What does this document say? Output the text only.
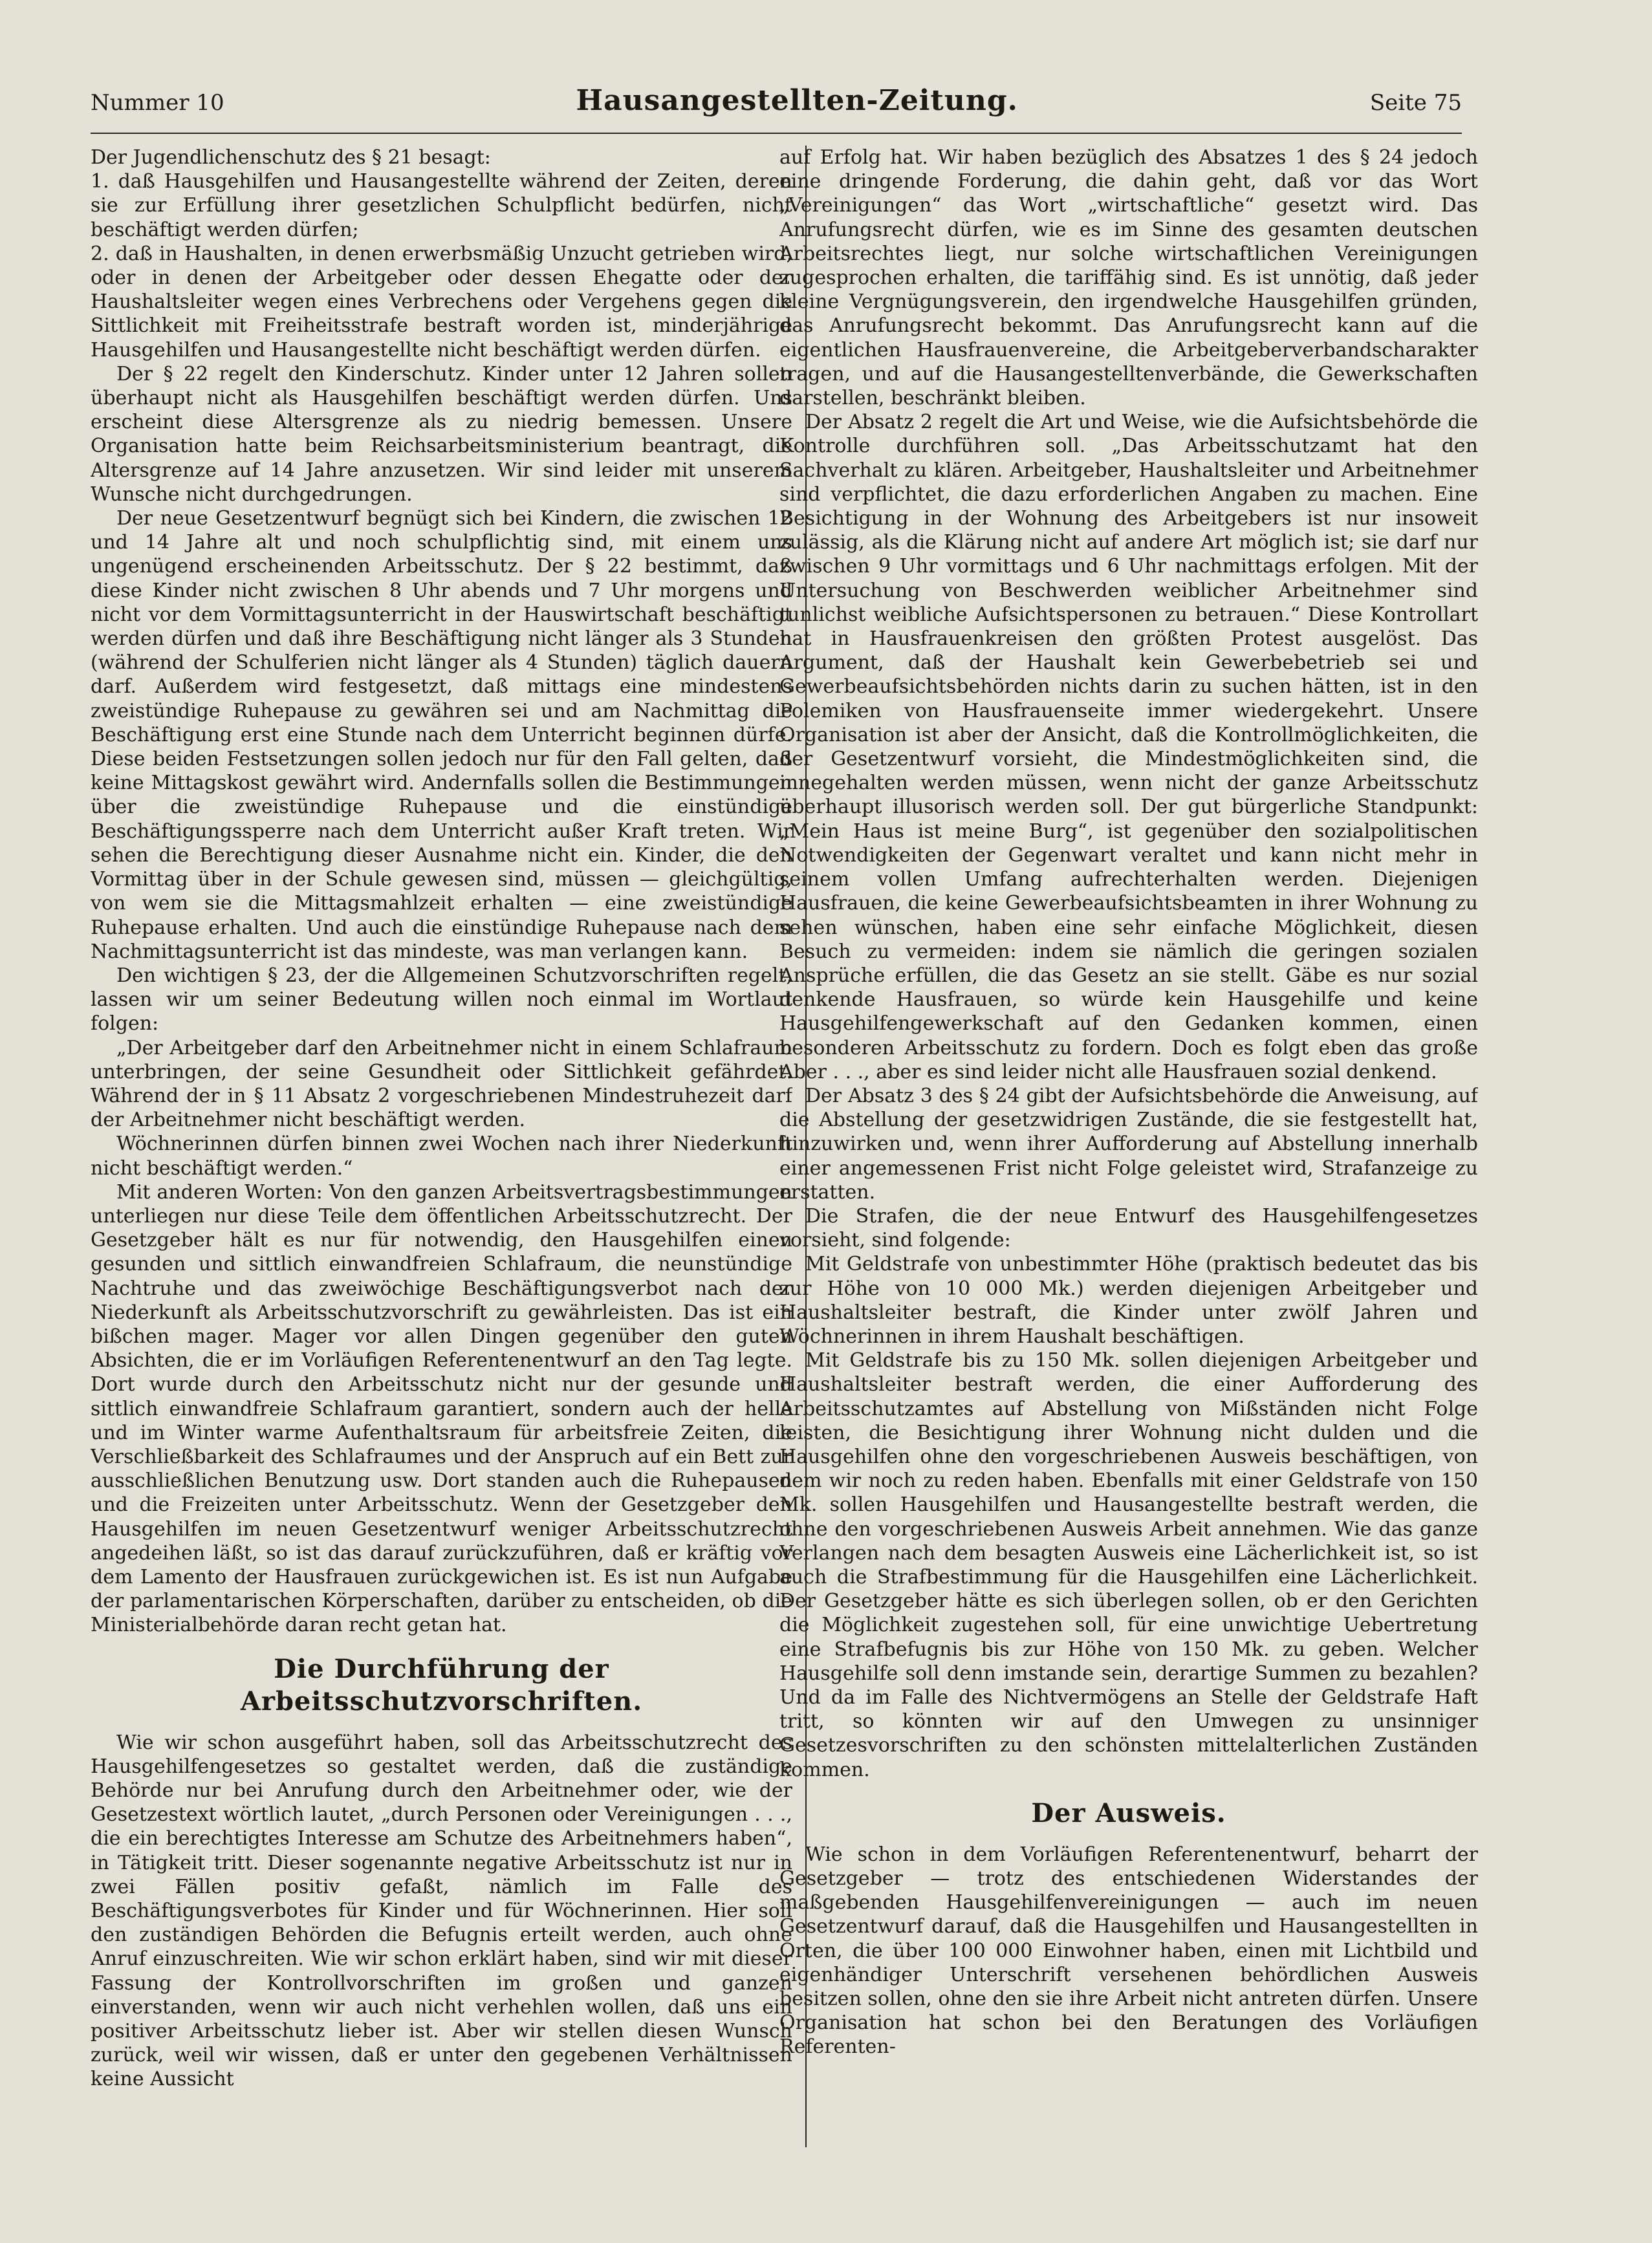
Nummer 10	Hausangestellten-Zeitung.	Seite 75

Der Jugendlichenschutz des § 21 besagt:

1. daß Hausgehilfen und Hausangestellte während der Zeiten, deren sie zur Erfüllung ihrer gesetzlichen Schulpflicht bedürfen, nicht beschäftigt werden dürfen;

2. daß in Haushalten, in denen erwerbsmäßig Unzucht getrieben wird, oder in denen der Arbeitgeber oder dessen Ehegatte oder der Haushaltsleiter wegen eines Verbrechens oder Vergehens gegen die Sittlichkeit mit Freiheitsstrafe bestraft worden ist, minderjährige Hausgehilfen und Hausangestellte nicht beschäftigt werden dürfen.

Der § 22 regelt den Kinderschutz. Kinder unter 12 Jahren sollen überhaupt nicht als Hausgehilfen beschäftigt werden dürfen. Uns erscheint diese Altersgrenze als zu niedrig bemessen. Unsere Organisation hatte beim Reichsarbeitsministerium beantragt, die Altersgrenze auf 14 Jahre anzusetzen. Wir sind leider mit unserem Wunsche nicht durchgedrungen.

Der neue Gesetzentwurf begnügt sich bei Kindern, die zwischen 12 und 14 Jahre alt und noch schulpflichtig sind, mit einem uns ungenügend erscheinenden Arbeitsschutz. Der § 22 bestimmt, daß diese Kinder nicht zwischen 8 Uhr abends und 7 Uhr morgens und nicht vor dem Vormittagsunterricht in der Hauswirtschaft beschäftigt werden dürfen und daß ihre Beschäftigung nicht länger als 3 Stunden (während der Schulferien nicht länger als 4 Stunden) täglich dauern darf. Außerdem wird festgesetzt, daß mittags eine mindestens zweistündige Ruhepause zu gewähren sei und am Nachmittag die Beschäftigung erst eine Stunde nach dem Unterricht beginnen dürfe. Diese beiden Festsetzungen sollen jedoch nur für den Fall gelten, daß keine Mittagskost gewährt wird. Andernfalls sollen die Bestimmungen über die zweistündige Ruhepause und die einstündige Beschäftigungssperre nach dem Unterricht außer Kraft treten. Wir sehen die Berechtigung dieser Ausnahme nicht ein. Kinder, die den Vormittag über in der Schule gewesen sind, müssen — gleichgültig, von wem sie die Mittagsmahlzeit erhalten — eine zweistündige Ruhepause erhalten. Und auch die einstündige Ruhepause nach dem Nachmittagsunterricht ist das mindeste, was man verlangen kann.

Den wichtigen § 23, der die Allgemeinen Schutzvorschriften regelt, lassen wir um seiner Bedeutung willen noch einmal im Wortlaut folgen:

„Der Arbeitgeber darf den Arbeitnehmer nicht in einem Schlafraum unterbringen, der seine Gesundheit oder Sittlichkeit gefährdet. Während der in § 11 Absatz 2 vorgeschriebenen Mindestruhezeit darf der Arbeitnehmer nicht beschäftigt werden.

Wöchnerinnen dürfen binnen zwei Wochen nach ihrer Niederkunft nicht beschäftigt werden.“

Mit anderen Worten: Von den ganzen Arbeitsvertragsbestimmungen unterliegen nur diese Teile dem öffentlichen Arbeitsschutzrecht. Der Gesetzgeber hält es nur für notwendig, den Hausgehilfen einen gesunden und sittlich einwandfreien Schlafraum, die neunstündige Nachtruhe und das zweiwöchige Beschäftigungsverbot nach der Niederkunft als Arbeitsschutzvorschrift zu gewährleisten. Das ist ein bißchen mager. Mager vor allen Dingen gegenüber den guten Absichten, die er im Vorläufigen Referentenentwurf an den Tag legte. Dort wurde durch den Arbeitsschutz nicht nur der gesunde und sittlich einwandfreie Schlafraum garantiert, sondern auch der helle und im Winter warme Aufenthaltsraum für arbeitsfreie Zeiten, die Verschließbarkeit des Schlafraumes und der Anspruch auf ein Bett zur ausschließlichen Benutzung usw. Dort standen auch die Ruhepausen und die Freizeiten unter Arbeitsschutz. Wenn der Gesetzgeber den Hausgehilfen im neuen Gesetzentwurf weniger Arbeitsschutzrecht angedeihen läßt, so ist das darauf zurückzuführen, daß er kräftig vor dem Lamento der Hausfrauen zurückgewichen ist. Es ist nun Aufgabe der parlamentarischen Körperschaften, darüber zu entscheiden, ob die Ministerialbehörde daran recht getan hat.

Die Durchführung der Arbeitsschutzvorschriften.

Wie wir schon ausgeführt haben, soll das Arbeitsschutzrecht des Hausgehilfengesetzes so gestaltet werden, daß die zuständige Behörde nur bei Anrufung durch den Arbeitnehmer oder, wie der Gesetzestext wörtlich lautet, „durch Personen oder Vereinigungen . . ., die ein berechtigtes Interesse am Schutze des Arbeitnehmers haben“, in Tätigkeit tritt. Dieser sogenannte negative Arbeitsschutz ist nur in zwei Fällen positiv gefaßt, nämlich im Falle des Beschäftigungsverbotes für Kinder und für Wöchnerinnen. Hier soll den zuständigen Behörden die Befugnis erteilt werden, auch ohne Anruf einzuschreiten. Wie wir schon erklärt haben, sind wir mit dieser Fassung der Kontrollvorschriften im großen und ganzen einverstanden, wenn wir auch nicht verhehlen wollen, daß uns ein positiver Arbeitsschutz lieber ist. Aber wir stellen diesen Wunsch zurück, weil wir wissen, daß er unter den gegebenen Verhältnissen keine Aussicht

auf Erfolg hat. Wir haben bezüglich des Absatzes 1 des § 24 jedoch eine dringende Forderung, die dahin geht, daß vor das Wort „Vereinigungen“ das Wort „wirtschaftliche“ gesetzt wird. Das Anrufungsrecht dürfen, wie es im Sinne des gesamten deutschen Arbeitsrechtes liegt, nur solche wirtschaftlichen Vereinigungen zugesprochen erhalten, die tariffähig sind. Es ist unnötig, daß jeder kleine Vergnügungsverein, den irgendwelche Hausgehilfen gründen, das Anrufungsrecht bekommt. Das Anrufungsrecht kann auf die eigentlichen Hausfrauenvereine, die Arbeitgeberverbandscharakter tragen, und auf die Hausangestelltenverbände, die Gewerkschaften darstellen, beschränkt bleiben.

Der Absatz 2 regelt die Art und Weise, wie die Aufsichtsbehörde die Kontrolle durchführen soll. „Das Arbeitsschutzamt hat den Sachverhalt zu klären. Arbeitgeber, Haushaltsleiter und Arbeitnehmer sind verpflichtet, die dazu erforderlichen Angaben zu machen. Eine Besichtigung in der Wohnung des Arbeitgebers ist nur insoweit zulässig, als die Klärung nicht auf andere Art möglich ist; sie darf nur zwischen 9 Uhr vormittags und 6 Uhr nachmittags erfolgen. Mit der Untersuchung von Beschwerden weiblicher Arbeitnehmer sind tunlichst weibliche Aufsichtspersonen zu betrauen.“ Diese Kontrollart hat in Hausfrauenkreisen den größten Protest ausgelöst. Das Argument, daß der Haushalt kein Gewerbebetrieb sei und Gewerbeaufsichtsbehörden nichts darin zu suchen hätten, ist in den Polemiken von Hausfrauenseite immer wiedergekehrt. Unsere Organisation ist aber der Ansicht, daß die Kontrollmöglichkeiten, die der Gesetzentwurf vorsieht, die Mindestmöglichkeiten sind, die innegehalten werden müssen, wenn nicht der ganze Arbeitsschutz überhaupt illusorisch werden soll. Der gut bürgerliche Standpunkt: „Mein Haus ist meine Burg“, ist gegenüber den sozialpolitischen Notwendigkeiten der Gegenwart veraltet und kann nicht mehr in seinem vollen Umfang aufrechterhalten werden. Diejenigen Hausfrauen, die keine Gewerbeaufsichtsbeamten in ihrer Wohnung zu sehen wünschen, haben eine sehr einfache Möglichkeit, diesen Besuch zu vermeiden: indem sie nämlich die geringen sozialen Ansprüche erfüllen, die das Gesetz an sie stellt. Gäbe es nur sozial denkende Hausfrauen, so würde kein Hausgehilfe und keine Hausgehilfengewerkschaft auf den Gedanken kommen, einen besonderen Arbeitsschutz zu fordern. Doch es folgt eben das große Aber . . ., aber es sind leider nicht alle Hausfrauen sozial denkend.

Der Absatz 3 des § 24 gibt der Aufsichtsbehörde die Anweisung, auf die Abstellung der gesetzwidrigen Zustände, die sie festgestellt hat, hinzuwirken und, wenn ihrer Aufforderung auf Abstellung innerhalb einer angemessenen Frist nicht Folge geleistet wird, Strafanzeige zu erstatten.

Die Strafen, die der neue Entwurf des Hausgehilfengesetzes vorsieht, sind folgende:

Mit Geldstrafe von unbestimmter Höhe (praktisch bedeutet das bis zur Höhe von 10 000 Mk.) werden diejenigen Arbeitgeber und Haushaltsleiter bestraft, die Kinder unter zwölf Jahren und Wöchnerinnen in ihrem Haushalt beschäftigen.

Mit Geldstrafe bis zu 150 Mk. sollen diejenigen Arbeitgeber und Haushaltsleiter bestraft werden, die einer Aufforderung des Arbeitsschutzamtes auf Abstellung von Mißständen nicht Folge leisten, die Besichtigung ihrer Wohnung nicht dulden und die Hausgehilfen ohne den vorgeschriebenen Ausweis beschäftigen, von dem wir noch zu reden haben. Ebenfalls mit einer Geldstrafe von 150 Mk. sollen Hausgehilfen und Hausangestellte bestraft werden, die ohne den vorgeschriebenen Ausweis Arbeit annehmen. Wie das ganze Verlangen nach dem besagten Ausweis eine Lächerlichkeit ist, so ist auch die Strafbestimmung für die Hausgehilfen eine Lächerlichkeit. Der Gesetzgeber hätte es sich überlegen sollen, ob er den Gerichten die Möglichkeit zugestehen soll, für eine unwichtige Uebertretung eine Strafbefugnis bis zur Höhe von 150 Mk. zu geben. Welcher Hausgehilfe soll denn imstande sein, derartige Summen zu bezahlen? Und da im Falle des Nichtvermögens an Stelle der Geldstrafe Haft tritt, so könnten wir auf den Umwegen zu unsinniger Gesetzesvorschriften zu den schönsten mittelalterlichen Zuständen kommen.

Der Ausweis.

Wie schon in dem Vorläufigen Referentenentwurf, beharrt der Gesetzgeber — trotz des entschiedenen Widerstandes der maßgebenden Hausgehilfenvereinigungen — auch im neuen Gesetzentwurf darauf, daß die Hausgehilfen und Hausangestellten in Orten, die über 100 000 Einwohner haben, einen mit Lichtbild und eigenhändiger Unterschrift versehenen behördlichen Ausweis besitzen sollen, ohne den sie ihre Arbeit nicht antreten dürfen. Unsere Organisation hat schon bei den Beratungen des Vorläufigen Referenten-
